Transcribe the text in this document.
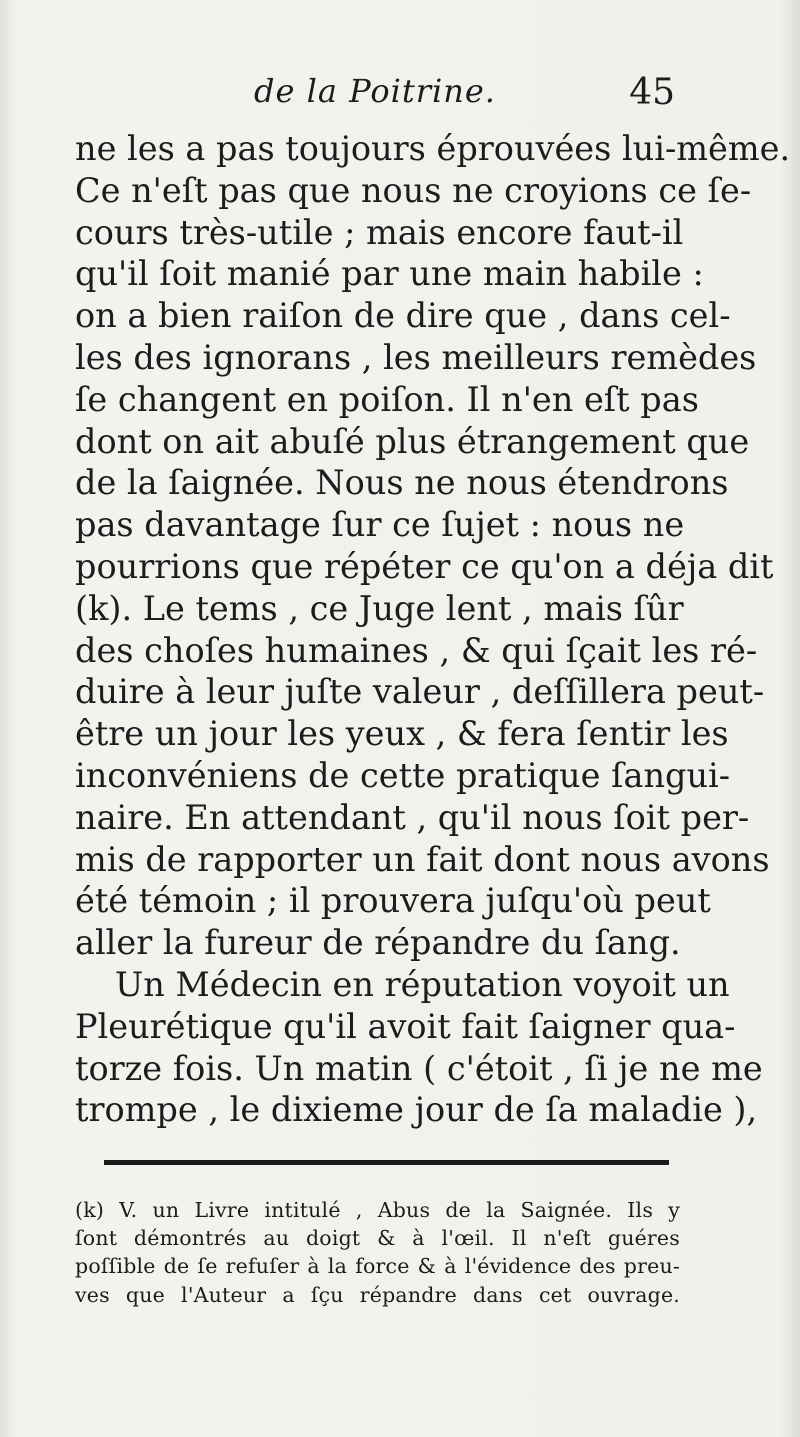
de la Poitrine.	45
ne les a pas toujours éprouvées lui-même.
Ce n'eſt pas que nous ne croyions ce ſe-
cours très-utile ; mais encore faut-il
qu'il ſoit manié par une main habile :
on a bien raiſon de dire que , dans cel-
les des ignorans , les meilleurs remèdes
ſe changent en poiſon. Il n'en eſt pas
dont on ait abuſé plus étrangement que
de la ſaignée. Nous ne nous étendrons
pas davantage ſur ce ſujet : nous ne
pourrions que répéter ce qu'on a déja dit
(k). Le tems , ce Juge lent , mais ſûr
des choſes humaines , & qui ſçait les ré-
duire à leur juſte valeur , deſſillera peut-
être un jour les yeux , & fera ſentir les
inconvéniens de cette pratique ſangui-
naire. En attendant , qu'il nous ſoit per-
mis de rapporter un fait dont nous avons
été témoin ; il prouvera juſqu'où peut
aller la fureur de répandre du ſang.
Un Médecin en réputation voyoit un
Pleurétique qu'il avoit fait ſaigner qua-
torze fois. Un matin ( c'étoit , ſi je ne me
trompe , le dixieme jour de ſa maladie ),
(k) V. un Livre intitulé , Abus de la Saignée. Ils y
ſont démontrés au doigt & à l'œil. Il n'eſt guéres
poſſible de ſe refuſer à la force & à l'évidence des preu-
ves que l'Auteur a ſçu répandre dans cet ouvrage.
